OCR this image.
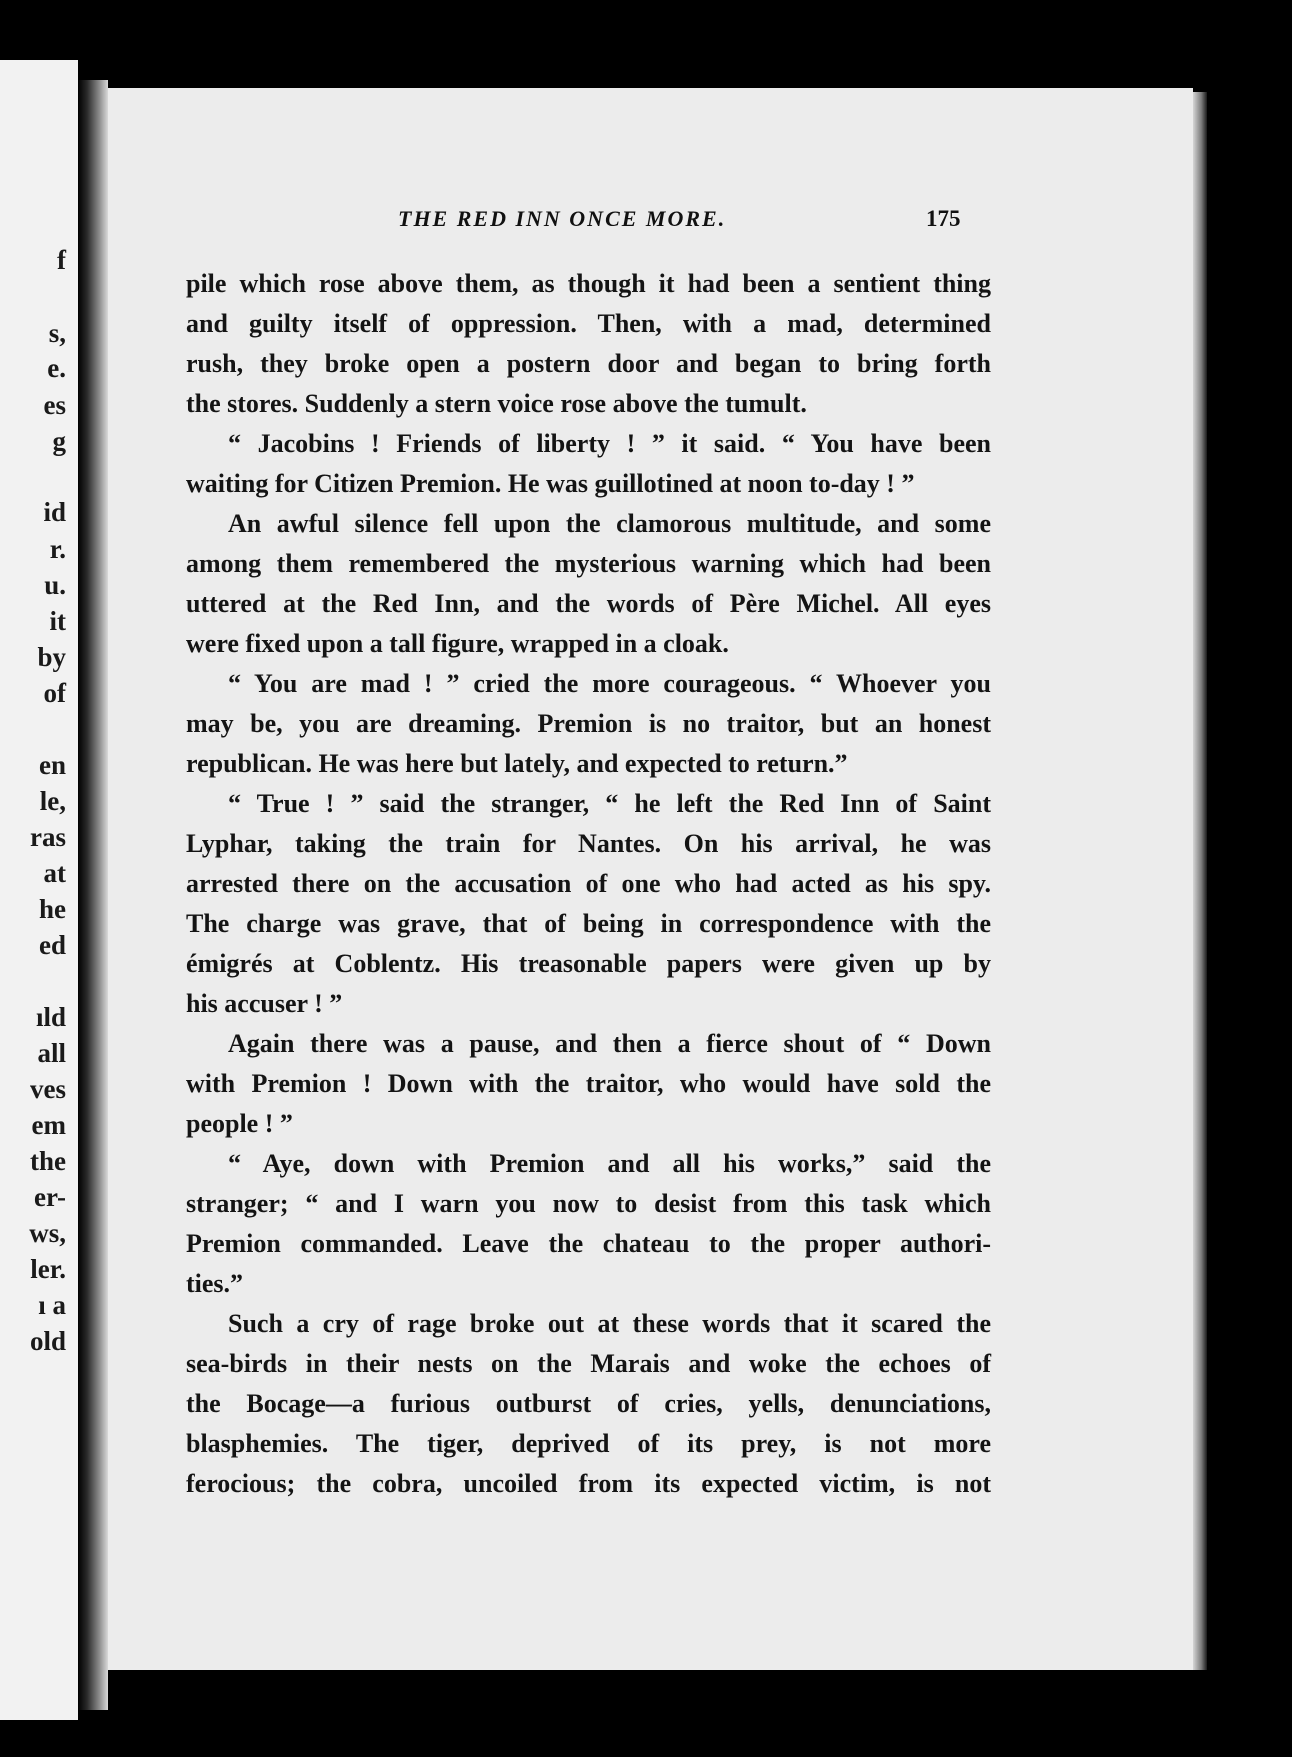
f
s,
e.
es
g
id
r.
u.
it
by
of
en
le,
ras
at
he
ed
ıld
all
ves
em
the
er-
ws,
ler.
ı a
old
THE RED INN ONCE MORE.	175
pile which rose above them, as though it had been a sentient thing
and guilty itself of oppression. Then, with a mad, determined
rush, they broke open a postern door and began to bring forth
the stores. Suddenly a stern voice rose above the tumult.
“ Jacobins ! Friends of liberty ! ” it said. “ You have been
waiting for Citizen Premion. He was guillotined at noon to-day ! ”
An awful silence fell upon the clamorous multitude, and some
among them remembered the mysterious warning which had been
uttered at the Red Inn, and the words of Père Michel. All eyes
were fixed upon a tall figure, wrapped in a cloak.
“ You are mad ! ” cried the more courageous. “ Whoever you
may be, you are dreaming. Premion is no traitor, but an honest
republican. He was here but lately, and expected to return.”
“ True ! ” said the stranger, “ he left the Red Inn of Saint
Lyphar, taking the train for Nantes. On his arrival, he was
arrested there on the accusation of one who had acted as his spy.
The charge was grave, that of being in correspondence with the
émigrés at Coblentz. His treasonable papers were given up by
his accuser ! ”
Again there was a pause, and then a fierce shout of “ Down
with Premion ! Down with the traitor, who would have sold the
people ! ”
“ Aye, down with Premion and all his works,” said the
stranger; “ and I warn you now to desist from this task which
Premion commanded. Leave the chateau to the proper authori-
ties.”
Such a cry of rage broke out at these words that it scared the
sea-birds in their nests on the Marais and woke the echoes of
the Bocage—a furious outburst of cries, yells, denunciations,
blasphemies. The tiger, deprived of its prey, is not more
ferocious; the cobra, uncoiled from its expected victim, is not
